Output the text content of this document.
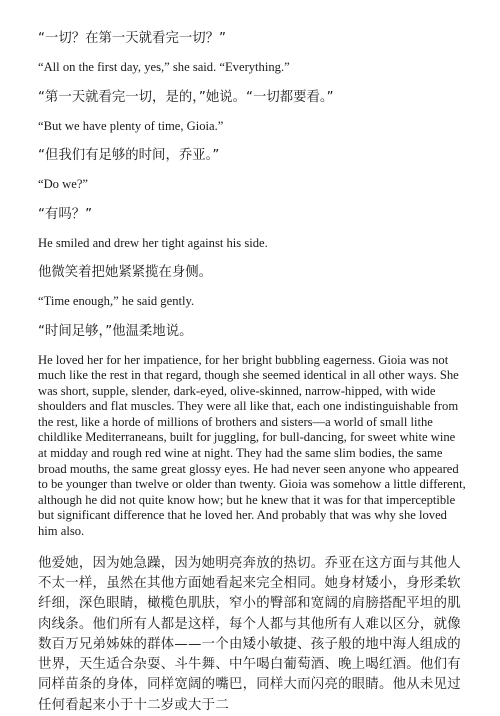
“一切？在第一天就看完一切？”

“All on the first day, yes,” she said. “Everything.”

“第一天就看完一切，是的，”她说。“一切都要看。”

“But we have plenty of time, Gioia.”

“但我们有足够的时间，乔亚。”

“Do we?”

“有吗？”

He smiled and drew her tight against his side.

他微笑着把她紧紧揽在身侧。

“Time enough,” he said gently.

“时间足够，”他温柔地说。

He loved her for her impatience, for her bright bubbling eagerness. Gioia was not much like the rest in that regard, though she seemed identical in all other ways. She was short, supple, slender, dark-eyed, olive-skinned, narrow-hipped, with wide shoulders and flat muscles. They were all like that, each one indistinguishable from the rest, like a horde of millions of brothers and sisters—a world of small lithe childlike Mediterraneans, built for juggling, for bull-dancing, for sweet white wine at midday and rough red wine at night. They had the same slim bodies, the same broad mouths, the same great glossy eyes. He had never seen anyone who appeared to be younger than twelve or older than twenty. Gioia was somehow a little different, although he did not quite know how; but he knew that it was for that imperceptible but significant difference that he loved her. And probably that was why she loved him also.

他爱她，因为她急躁，因为她明亮奔放的热切。乔亚在这方面与其他人不太一样，虽然在其他方面她看起来完全相同。她身材矮小，身形柔软纤细，深色眼睛，橄榄色肌肤，窄小的臀部和宽阔的肩膀搭配平坦的肌肉线条。他们所有人都是这样，每个人都与其他所有人难以区分，就像数百万兄弟姊妹的群体——一个由矮小敏捷、孩子般的地中海人组成的世界，天生适合杂耍、斗牛舞、中午喝白葡萄酒、晚上喝红酒。他们有同样苗条的身体，同样宽阔的嘴巴，同样大而闪亮的眼睛。他从未见过任何看起来小于十二岁或大于二
